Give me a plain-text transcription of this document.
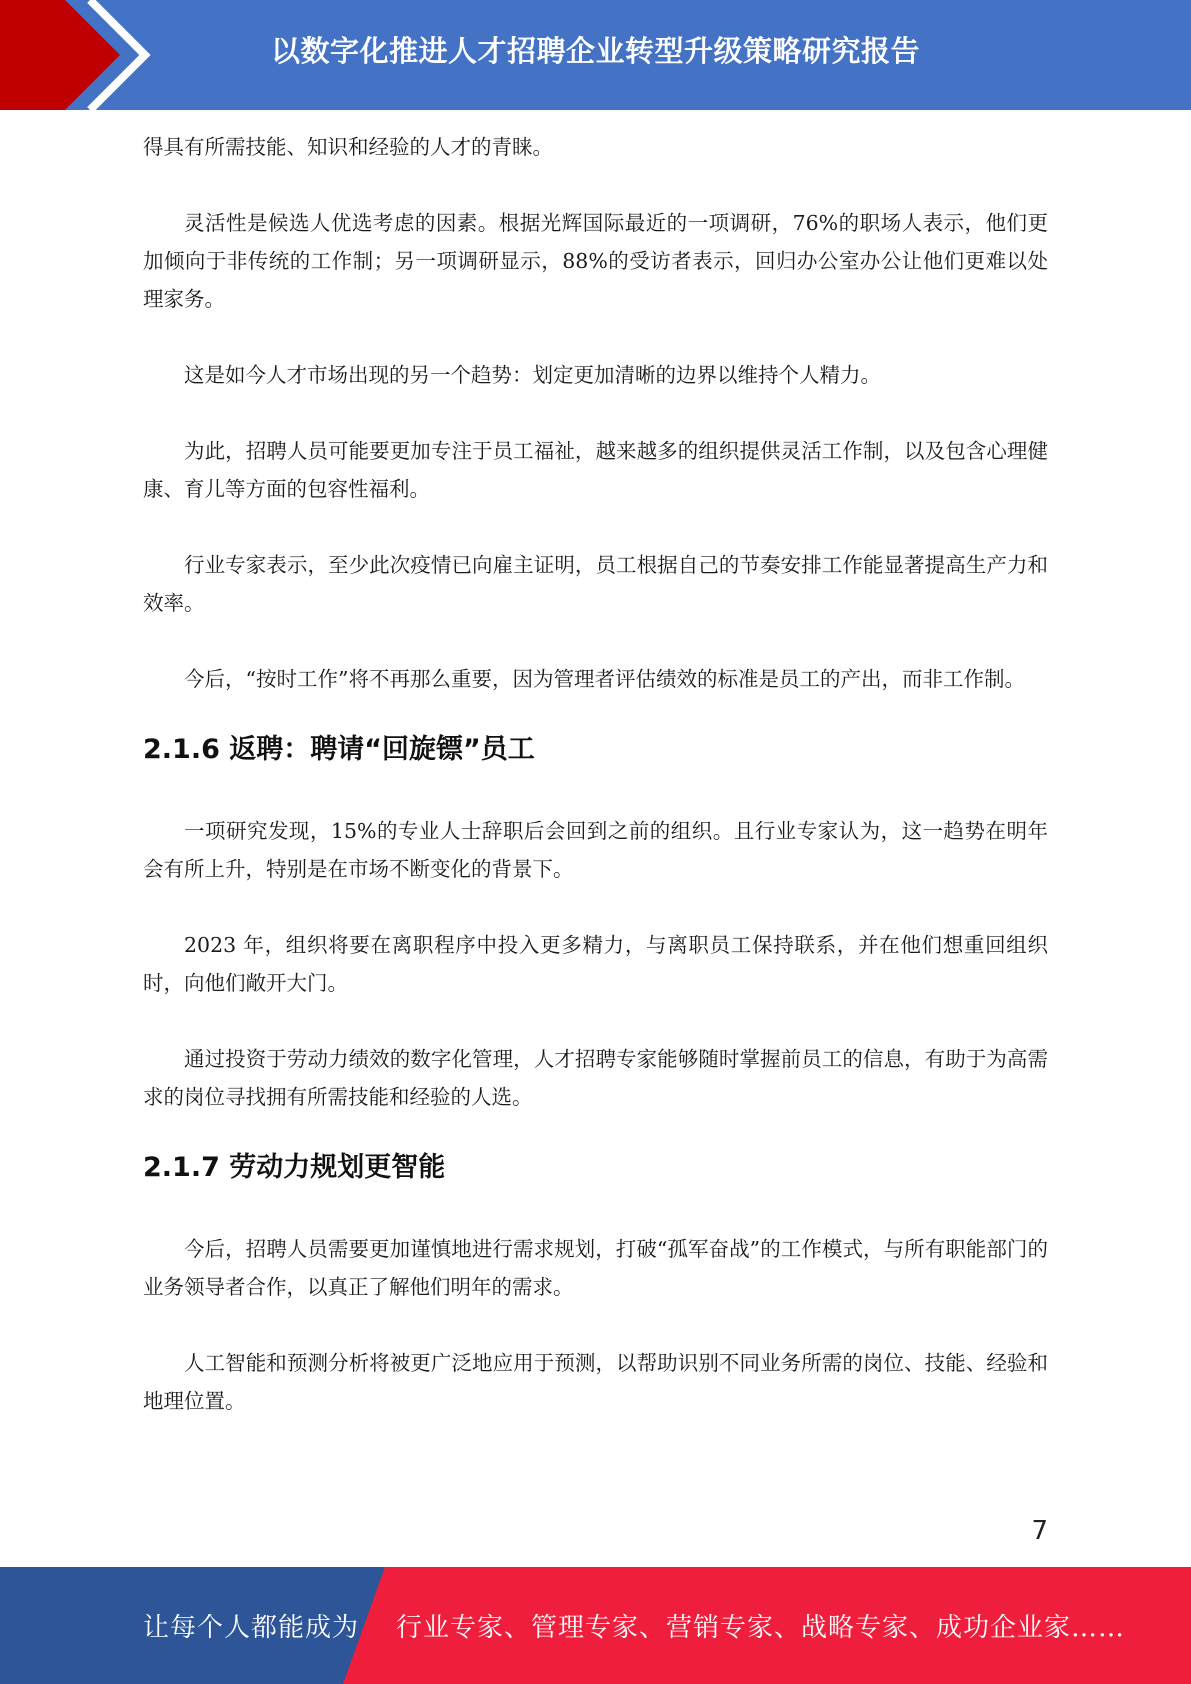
以数字化推进人才招聘企业转型升级策略研究报告

得具有所需技能、知识和经验的人才的青睐。

灵活性是候选人优选考虑的因素。根据光辉国际最近的一项调研，76%的职场人表示，他们更加倾向于非传统的工作制；另一项调研显示，88%的受访者表示，回归办公室办公让他们更难以处理家务。

这是如今人才市场出现的另一个趋势：划定更加清晰的边界以维持个人精力。

为此，招聘人员可能要更加专注于员工福祉，越来越多的组织提供灵活工作制，以及包含心理健康、育儿等方面的包容性福利。

行业专家表示，至少此次疫情已向雇主证明，员工根据自己的节奏安排工作能显著提高生产力和效率。

今后，“按时工作”将不再那么重要，因为管理者评估绩效的标准是员工的产出，而非工作制。

2.1.6 返聘：聘请“回旋镖”员工

一项研究发现，15%的专业人士辞职后会回到之前的组织。且行业专家认为，这一趋势在明年会有所上升，特别是在市场不断变化的背景下。

2023 年，组织将要在离职程序中投入更多精力，与离职员工保持联系，并在他们想重回组织时，向他们敞开大门。

通过投资于劳动力绩效的数字化管理，人才招聘专家能够随时掌握前员工的信息，有助于为高需求的岗位寻找拥有所需技能和经验的人选。

2.1.7 劳动力规划更智能

今后，招聘人员需要更加谨慎地进行需求规划，打破“孤军奋战”的工作模式，与所有职能部门的业务领导者合作，以真正了解他们明年的需求。

人工智能和预测分析将被更广泛地应用于预测，以帮助识别不同业务所需的岗位、技能、经验和地理位置。

7
让每个人都能成为 行业专家、管理专家、营销专家、战略专家、成功企业家……
